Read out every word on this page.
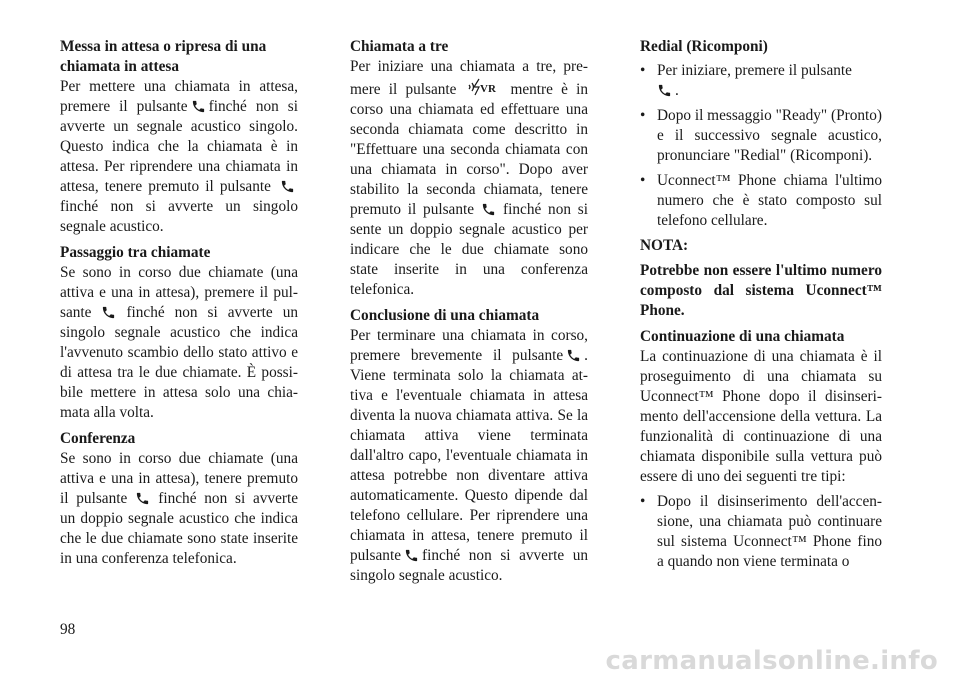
Messa in attesa o ripresa di una chiamata in attesa

Per mettere una chiamata in attesa, premere il pulsante finché non si avverte un segnale acustico singolo. Questo indica che la chiamata è in attesa. Per riprendere una chiamata in attesa, tenere premuto il pulsante
finché non si avverte un singolo segnale acustico.

Passaggio tra chiamate

Se sono in corso due chiamate (una attiva e una in attesa), premere il pulsante finché non si avverte un singolo segnale acustico che indica l'avvenuto scambio dello stato attivo e di attesa tra le due chiamate. È possibile mettere in attesa solo una chiamata alla volta.

Conferenza

Se sono in corso due chiamate (una attiva e una in attesa), tenere premuto il pulsante finché non si avverte un doppio segnale acustico che indica che le due chiamate sono state inserite in una conferenza telefonica.

Chiamata a tre

Per iniziare una chiamata a tre, premere il pulsante VR mentre è in corso una chiamata ed effettuare una seconda chiamata come descritto in "Effettuare una seconda chiamata con una chiamata in corso". Dopo aver stabilito la seconda chiamata, tenere premuto il pulsante finché non si sente un doppio segnale acustico per indicare che le due chiamate sono state inserite in una conferenza telefonica.

Conclusione di una chiamata

Per terminare una chiamata in corso, premere brevemente il pulsante . Viene terminata solo la chiamata attiva e l'eventuale chiamata in attesa diventa la nuova chiamata attiva. Se la chiamata attiva viene terminata dall'altro capo, l'eventuale chiamata in attesa potrebbe non diventare attiva automaticamente. Questo dipende dal telefono cellulare. Per riprendere una chiamata in attesa, tenere premuto il pulsante finché non si avverte un singolo segnale acustico.

Redial (Ricomponi)
• Per iniziare, premere il pulsante

.
• Dopo il messaggio "Ready" (Pronto) e il successivo segnale acustico, pronunciare "Redial" (Ricomponi).
• Uconnect™ Phone chiama l'ultimo numero che è stato composto sul telefono cellulare.

NOTA:

Potrebbe non essere l'ultimo numero composto dal sistema Uconnect™ Phone.

Continuazione di una chiamata

La continuazione di una chiamata è il proseguimento di una chiamata su Uconnect™ Phone dopo il disinserimento dell'accensione della vettura. La funzionalità di continuazione di una chiamata disponibile sulla vettura può essere di uno dei seguenti tre tipi:

• Dopo il disinserimento dell'accensione, una chiamata può continuare sul sistema Uconnect™ Phone fino a quando non viene terminata o
98
carmanualsonline.info
